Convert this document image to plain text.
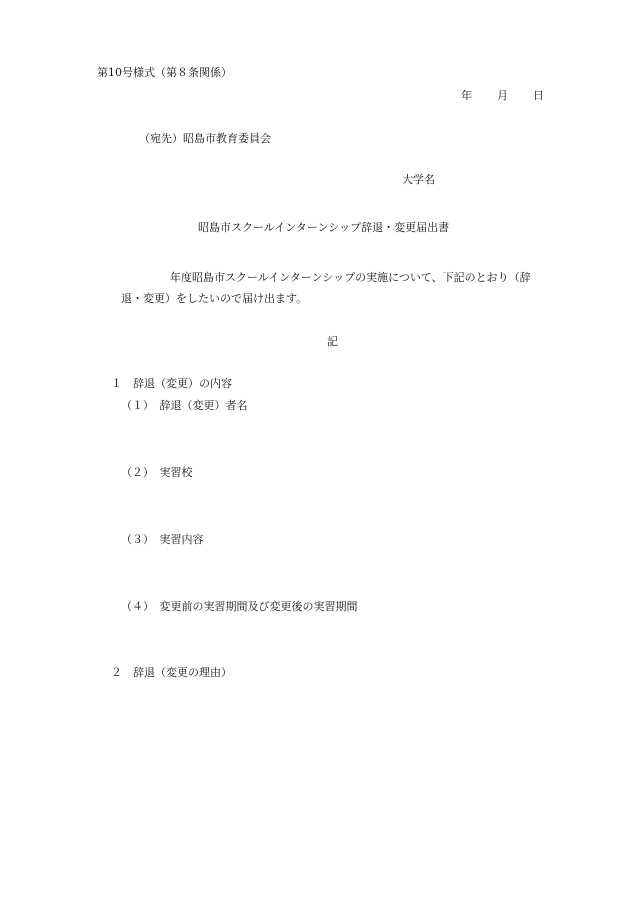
第10号様式（第８条関係）
年 月 日
（宛先）昭島市教育委員会
大学名
昭島市スクールインターンシップ辞退・変更届出書
年度昭島市スクールインターンシップの実施について、下記のとおり（辞
退・変更）をしたいので届け出ます。
記
１　辞退（変更）の内容
（１）　辞退（変更）者名
（２）　実習校
（３）　実習内容
（４）　変更前の実習期間及び変更後の実習期間
２　辞退（変更の理由）
